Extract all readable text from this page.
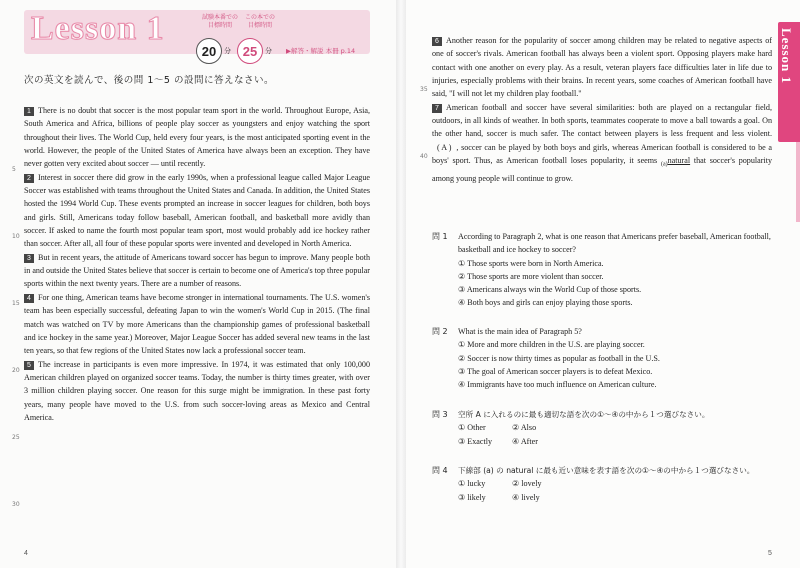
Lesson 1	試験本番での
目標時間この本での
目標時間
20	分 25	分 ▶解答・解説 本冊 p.14
次の英文を読んで、後の問 1～5 の設問に答えなさい。

1 There is no doubt that soccer is the most popular team sport in the world. Throughout Europe, Asia, South America and Africa, billions of people play soccer as youngsters and enjoy watching the sport throughout their lives. The World Cup, held every four years, is the most anticipated sporting event in the world. However, the people of the United States of America have always been an exception. They have never gotten very excited about soccer — until recently.

2 Interest in soccer there did grow in the early 1990s, when a professional league called Major League Soccer was established with teams throughout the United States and Canada. In addition, the United States hosted the 1994 World Cup. These events prompted an increase in soccer leagues for children, both boys and girls. Still, Americans today follow baseball, American football, and basketball more avidly than soccer. If asked to name the fourth most popular team sport, most would probably add ice hockey rather than soccer. After all, all four of these popular sports were invented and developed in North America.

3 But in recent years, the attitude of Americans toward soccer has begun to improve. Many people both in and outside the United States believe that soccer is certain to become one of America's top three popular sports within the next twenty years. There are a number of reasons.

4 For one thing, American teams have become stronger in international tournaments. The U.S. women's team has been especially successful, defeating Japan to win the women's World Cup in 2015. (The final match was watched on TV by more Americans than the championship games of professional basketball and ice hockey in the same year.) Moreover, Major League Soccer has added several new teams in the last ten years, so that few regions of the United States now lack a professional soccer team.

5 The increase in participants is even more impressive. In 1974, it was estimated that only 100,000 American children played on organized soccer teams. Today, the number is thirty times greater, with over 3 million children playing soccer. One reason for this surge might be immigration. In these past forty years, many people have moved to the U.S. from such soccer-loving areas as Mexico and Central America.

5
10
15
20
25
30
35
40
4

6 Another reason for the popularity of soccer among children may be related to negative aspects of one of soccer's rivals. American football has always been a violent sport. Opposing players make hard contact with one another on every play. As a result, veteran players face difficulties later in life due to injuries, especially problems with their brains. In recent years, some coaches of American football have said, "I will not let my children play football."

7 American football and soccer have several similarities: both are played on a rectangular field, outdoors, in all kinds of weather. In both sports, teammates cooperate to move a ball towards a goal. On the other hand, soccer is much safer. The contact between players is less frequent and less violent. ( A ) , soccer can be played by both boys and girls, whereas American football is considered to be a boys' sport. Thus, as American football loses popularity, it seems $_{(a)}$natural that soccer's popularity among young people will continue to grow.

Lesson 1
問 1 According to Paragraph 2, what is one reason that Americans prefer baseball, American football, basketball and ice hockey to soccer?
① Those sports were born in North America.
② Those sports are more violent than soccer.
③ Americans always win the World Cup of those sports.
④ Both boys and girls can enjoy playing those sports.
問 2 What is the main idea of Paragraph 5?
① More and more children in the U.S. are playing soccer.
② Soccer is now thirty times as popular as football in the U.S.
③ The goal of American soccer players is to defeat Mexico.
④ Immigrants have too much influence on American culture.
問 3 空所 A に入れるのに最も適切な語を次の①～④の中から１つ選びなさい。
① Other	② Also
③ Exactly	④ After
問 4 下線部 (a) の natural に最も近い意味を表す語を次の①～④の中から１つ選びなさい。
① lucky	② lovely
③ likely	④ lively
5
